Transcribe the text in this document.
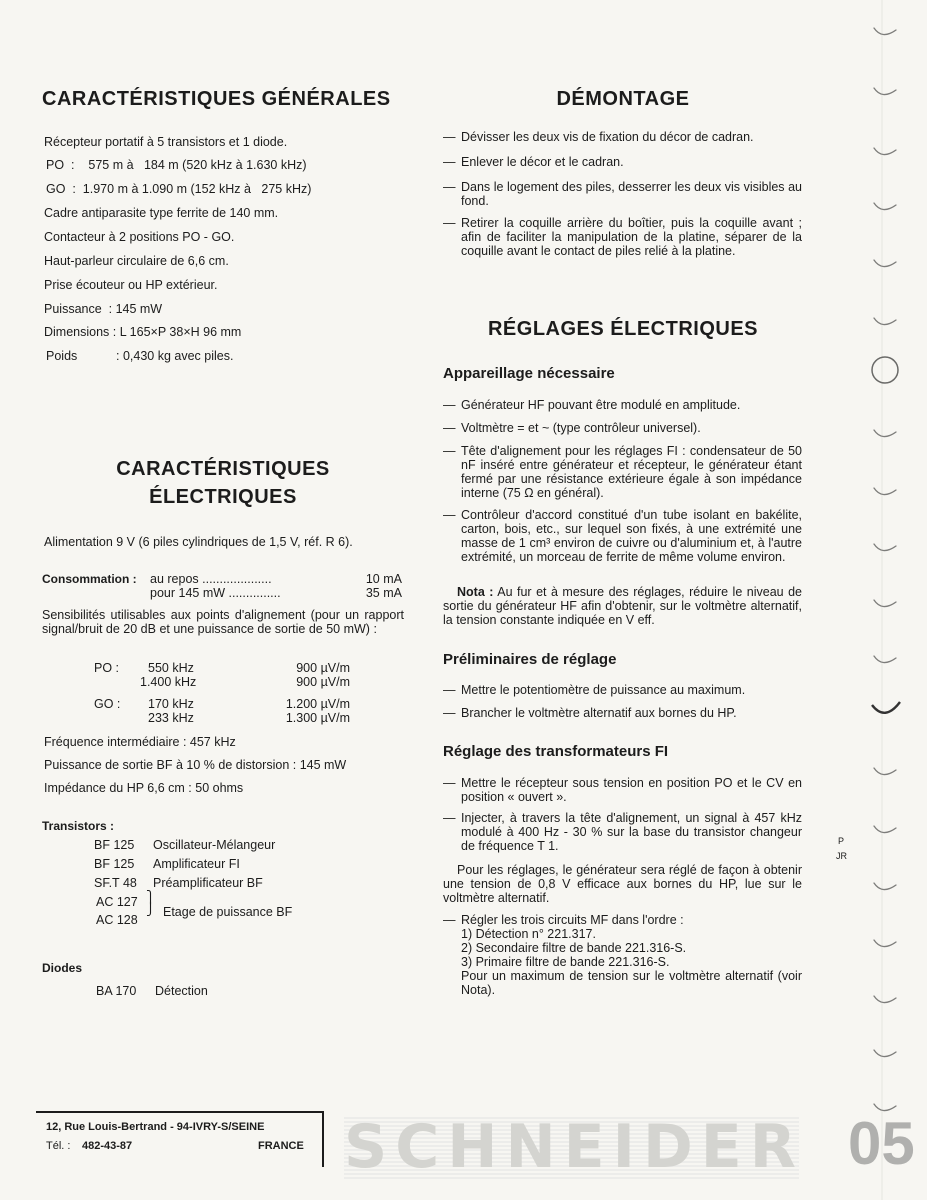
CARACTÉRISTIQUES GÉNÉRALES
Récepteur portatif à 5 transistors et 1 diode.
PO  :    575 m à   184 m (520 kHz à 1.630 kHz)
GO  :  1.970 m à 1.090 m (152 kHz à   275 kHz)
Cadre antiparasite type ferrite de 140 mm.
Contacteur à 2 positions PO - GO.
Haut-parleur circulaire de 6,6 cm.
Prise écouteur ou HP extérieur.
Puissance  : 145 mW
Dimensions : L 165×P 38×H 96 mm
Poids	: 0,430 kg avec piles.
CARACTÉRISTIQUES
ÉLECTRIQUES
Alimentation 9 V (6 piles cylindriques de 1,5 V, réf. R 6).
Consommation : au repos ....................	10 mA
pour 145 mW ...............	35 mA
Sensibilités utilisables aux points d'alignement (pour un rapport signal/bruit de 20 dB et une puissance de sortie de 50 mW) :
PO : 550 kHz	900 µV/m
1.400 kHz	900 µV/m
GO : 170 kHz	1.200 µV/m
233 kHz	1.300 µV/m
Fréquence intermédiaire : 457 kHz
Puissance de sortie BF à 10 % de distorsion : 145 mW
Impédance du HP 6,6 cm : 50 ohms
Transistors :
BF 125 Oscillateur-Mélangeur
BF 125 Amplificateur FI
SF.T 48 Préamplificateur BF
AC 127
AC 128
⎫
⎭ Etage de puissance BF
Diodes
BA 170 Détection
DÉMONTAGE
— Dévisser les deux vis de fixation du décor de cadran.
— Enlever le décor et le cadran.
— Dans le logement des piles, desserrer les deux vis visibles au fond.
— Retirer la coquille arrière du boîtier, puis la coquille avant ; afin de faciliter la manipulation de la platine, séparer de la coquille avant le contact de piles relié à la platine.
RÉGLAGES ÉLECTRIQUES
Appareillage nécessaire
— Générateur HF pouvant être modulé en amplitude.
— Voltmètre = et ~ (type contrôleur universel).
— Tête d'alignement pour les réglages FI : condensateur de 50 nF inséré entre générateur et récepteur, le générateur étant fermé par une résistance extérieure égale à son impédance interne (75 Ω en général).
— Contrôleur d'accord constitué d'un tube isolant en bakélite, carton, bois, etc., sur lequel son fixés, à une extrémité une masse de 1 cm³ environ de cuivre ou d'aluminium et, à l'autre extrémité, un morceau de ferrite de même volume environ.
Nota : Au fur et à mesure des réglages, réduire le niveau de sortie du générateur HF afin d'obtenir, sur le voltmètre alternatif, la tension constante indiquée en V eff.
Préliminaires de réglage
— Mettre le potentiomètre de puissance au maximum.
— Brancher le voltmètre alternatif aux bornes du HP.
Réglage des transformateurs FI
— Mettre le récepteur sous tension en position PO et le CV en position « ouvert ».
— Injecter, à travers la tête d'alignement, un signal à 457 kHz modulé à 400 Hz - 30 % sur la base du transistor changeur de fréquence T 1.
Pour les réglages, le générateur sera réglé de façon à obtenir une tension de 0,8 V efficace aux bornes du HP, lue sur le voltmètre alternatif.
— Régler les trois circuits MF dans l'ordre :
1) Détection n° 221.317.
2) Secondaire filtre de bande 221.316-S.
3) Primaire filtre de bande 221.316-S.
Pour un maximum de tension sur le voltmètre alternatif (voir Nota).
P
JR
12, Rue Louis-Bertrand - 94-IVRY-S/SEINE
Tél. : 482-43-87	FRANCE SCHNEIDER 05
